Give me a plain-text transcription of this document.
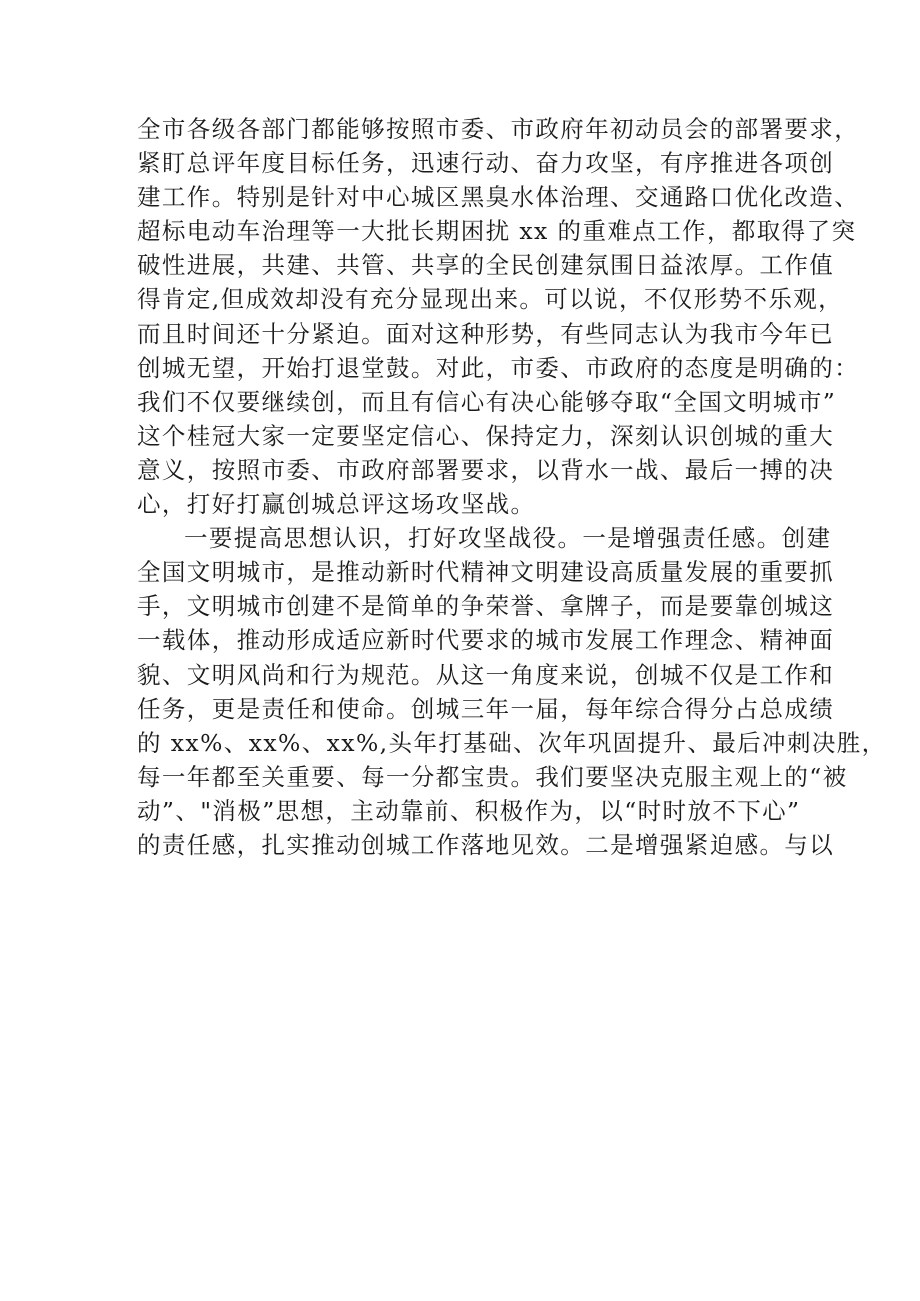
全市各级各部门都能够按照市委、市政府年初动员会的部署要求，
紧盯总评年度目标任务，迅速行动、奋力攻坚，有序推进各项创
建工作。特别是针对中心城区黑臭水体治理、交通路口优化改造、
超标电动车治理等一大批长期困扰 xx 的重难点工作，都取得了突
破性进展，共建、共管、共享的全民创建氛围日益浓厚。工作值
得肯定,但成效却没有充分显现出来。可以说，不仅形势不乐观，
而且时间还十分紧迫。面对这种形势，有些同志认为我市今年已
创城无望，开始打退堂鼓。对此，市委、市政府的态度是明确的：
我们不仅要继续创，而且有信心有决心能够夺取“全国文明城市”
这个桂冠大家一定要坚定信心、保持定力，深刻认识创城的重大
意义，按照市委、市政府部署要求，以背水一战、最后一搏的决
心，打好打赢创城总评这场攻坚战。
一要提高思想认识，打好攻坚战役。一是增强责任感。创建
全国文明城市，是推动新时代精神文明建设高质量发展的重要抓
手，文明城市创建不是简单的争荣誉、拿牌子，而是要靠创城这
一载体，推动形成适应新时代要求的城市发展工作理念、精神面
貌、文明风尚和行为规范。从这一角度来说，创城不仅是工作和
任务，更是责任和使命。创城三年一届，每年综合得分占总成绩
的 xx%、xx%、xx%,头年打基础、次年巩固提升、最后冲刺决胜，
每一年都至关重要、每一分都宝贵。我们要坚决克服主观上的“被
动”、"消极”思想，主动靠前、积极作为，以“时时放不下心”
的责任感，扎实推动创城工作落地见效。二是增强紧迫感。与以
